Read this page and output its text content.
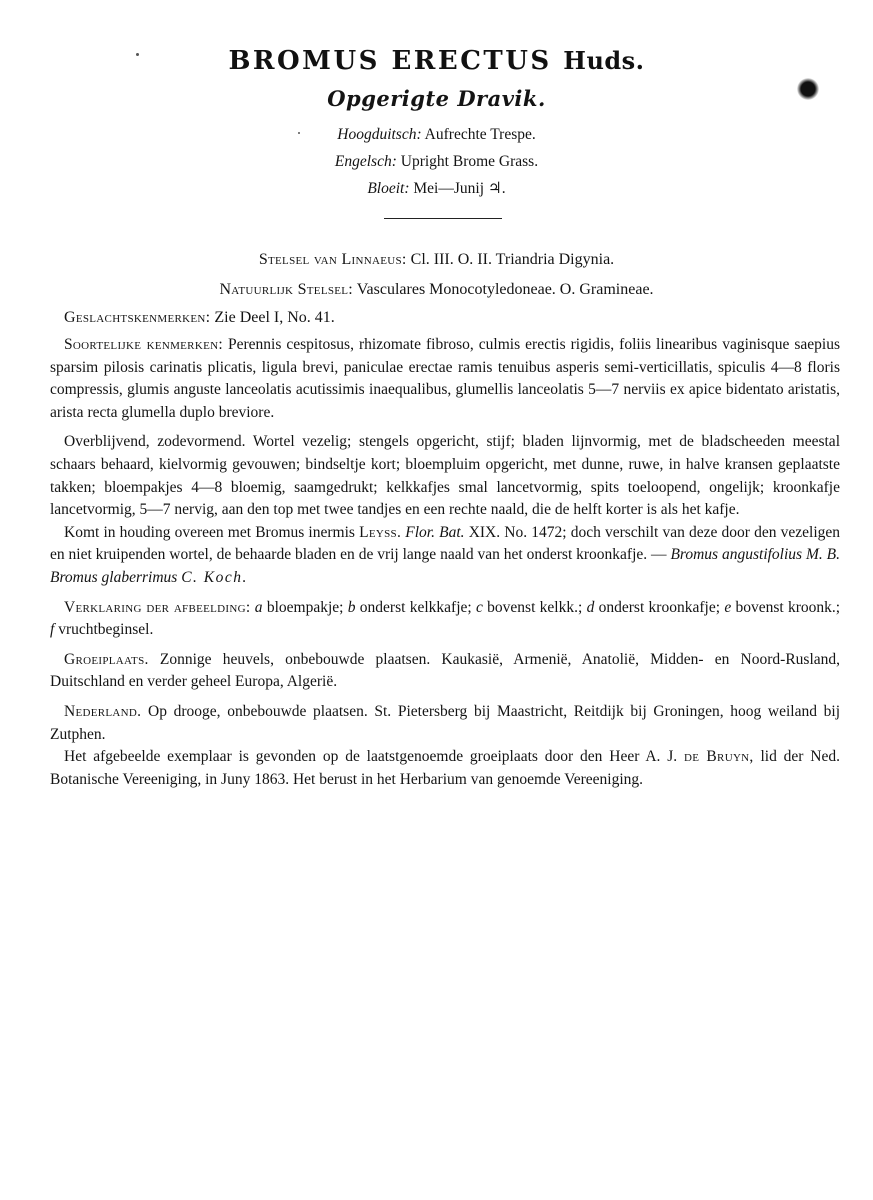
BROMUS ERECTUS Huds.
Opgerigte Dravik.
Hoogduitsch: Aufrechte Trespe.
Engelsch: Upright Brome Grass.
Bloeit: Mei—Junij ♃.
Stelsel van Linnaeus: Cl. III. O. II. Triandria Digynia.
Natuurlijk Stelsel: Vasculares Monocotyledoneae. O. Gramineae.
Geslachtskenmerken: Zie Deel I, No. 41.

Soortelijke kenmerken: Perennis cespitosus, rhizomate fibroso, culmis erectis rigidis, foliis linearibus vaginisque saepius sparsim pilosis carinatis plicatis, ligula brevi, paniculae erectae ramis tenuibus asperis semi-verticillatis, spiculis 4—8 floris compressis, glumis anguste lanceolatis acutissimis inaequalibus, glumellis lanceolatis 5—7 nerviis ex apice bidentato aristatis, arista recta glumella duplo breviore.

Overblijvend, zodevormend. Wortel vezelig; stengels opgericht, stijf; bladen lijnvormig, met de bladscheeden meestal schaars behaard, kielvormig gevouwen; bindseltje kort; bloempluim opgericht, met dunne, ruwe, in halve kransen geplaatste takken; bloempakjes 4—8 bloemig, saamgedrukt; kelkkafjes smal lancetvormig, spits toeloopend, ongelijk; kroonkafje lancetvormig, 5—7 nervig, aan den top met twee tandjes en een rechte naald, die de helft korter is als het kafje.

Komt in houding overeen met Bromus inermis Leyss. Flor. Bat. XIX. No. 1472; doch verschilt van deze door den vezeligen en niet kruipenden wortel, de behaarde bladen en de vrij lange naald van het onderst kroonkafje. — Bromus angustifolius M. B. Bromus glaberrimus C. Koch.

Verklaring der afbeelding: a bloempakje; b onderst kelkkafje; c bovenst kelkk.; d onderst kroonkafje; e bovenst kroonk.; f vruchtbeginsel.

Groeiplaats. Zonnige heuvels, onbebouwde plaatsen. Kaukasië, Armenië, Anatolië, Midden- en Noord-Rusland, Duitschland en verder geheel Europa, Algerië.

Nederland. Op drooge, onbebouwde plaatsen. St. Pietersberg bij Maastricht, Reitdijk bij Groningen, hoog weiland bij Zutphen.

Het afgebeelde exemplaar is gevonden op de laatstgenoemde groeiplaats door den Heer A. J. de Bruyn, lid der Ned. Botanische Vereeniging, in Juny 1863. Het berust in het Herbarium van genoemde Vereeniging.
